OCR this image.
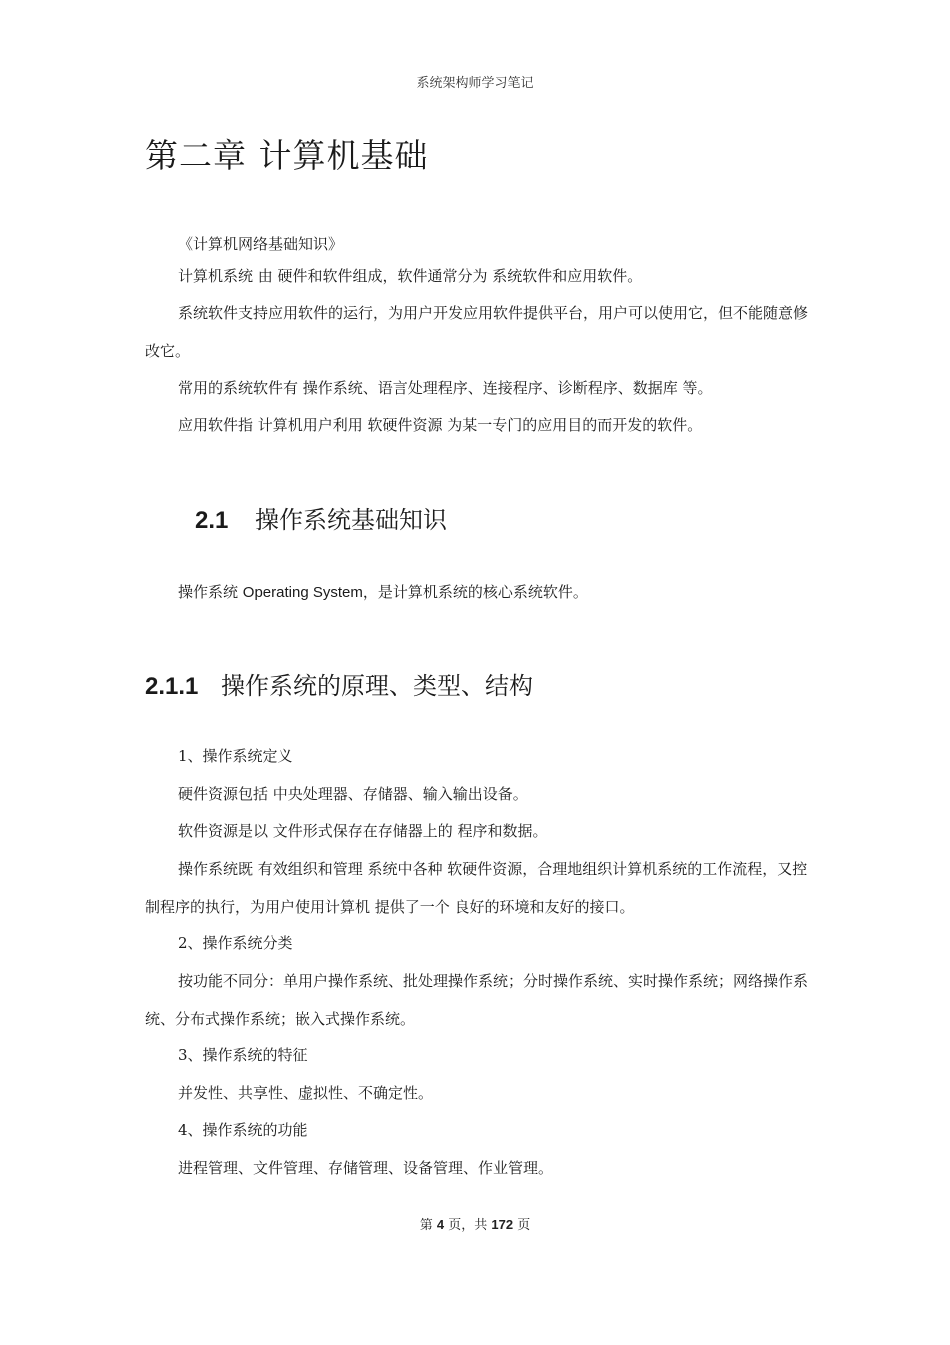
系统架构师学习笔记
第二章 计算机基础

《计算机网络基础知识》

计算机系统 由 硬件和软件组成，软件通常分为 系统软件和应用软件。

系统软件支持应用软件的运行，为用户开发应用软件提供平台，用户可以使用它，但不能随意修改它。

常用的系统软件有 操作系统、语言处理程序、连接程序、诊断程序、数据库 等。

应用软件指 计算机用户利用 软硬件资源 为某一专门的应用目的而开发的软件。

2.1 操作系统基础知识

操作系统 Operating System，是计算机系统的核心系统软件。

2.1.1 操作系统的原理、类型、结构

1、操作系统定义

硬件资源包括 中央处理器、存储器、输入输出设备。

软件资源是以 文件形式保存在存储器上的 程序和数据。

操作系统既 有效组织和管理 系统中各种 软硬件资源，合理地组织计算机系统的工作流程，又控制程序的执行，为用户使用计算机 提供了一个 良好的环境和友好的接口。

2、操作系统分类

按功能不同分：单用户操作系统、批处理操作系统；分时操作系统、实时操作系统；网络操作系统、分布式操作系统；嵌入式操作系统。

3、操作系统的特征

并发性、共享性、虚拟性、不确定性。

4、操作系统的功能

进程管理、文件管理、存储管理、设备管理、作业管理。

第 4 页，共 172 页
